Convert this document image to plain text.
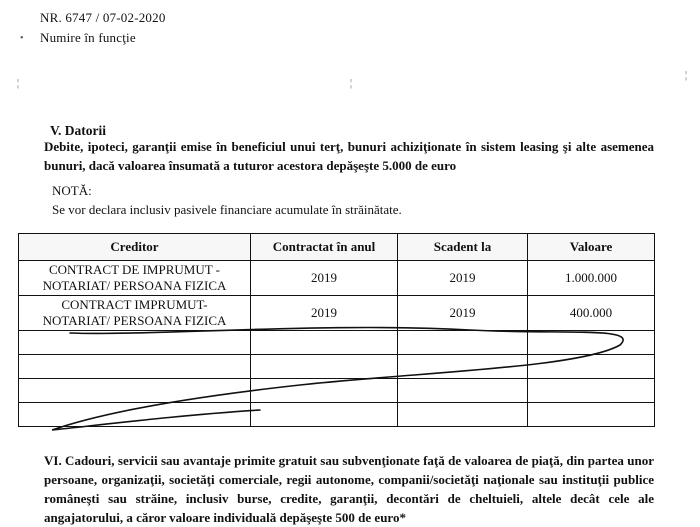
NR. 6747 / 07-02-2020
Numire în funcţie
•
¦	¦
¦
V. Datorii
Debite, ipoteci, garanţii emise în beneficiul unui terţ, bunuri achiziţionate în sistem leasing şi alte asemenea bunuri, dacă valoarea însumată a tuturor acestora depăşeşte 5.000 de euro
NOTĂ:
Se vor declara inclusiv pasivele financiare acumulate în străinătate.
Creditor	Contractat în anul	Scadent la	Valoare

CONTRACT DE IMPRUMUT -
NOTARIAT/ PERSOANA FIZICA	2019	2019	1.000.000

CONTRACT IMPRUMUT-
NOTARIAT/ PERSOANA FIZICA	2019	2019	400.000

VI. Cadouri, servicii sau avantaje primite gratuit sau subvenţionate faţă de valoarea de piaţă, din partea unor persoane, organizaţii, societăţi comerciale, regii autonome, companii/societăţi naţionale sau instituţii publice româneşti sau străine, inclusiv burse, credite, garanţii, decontări de cheltuieli, altele decât cele ale angajatorului, a căror valoare individuală depăşeşte 500 de euro*
